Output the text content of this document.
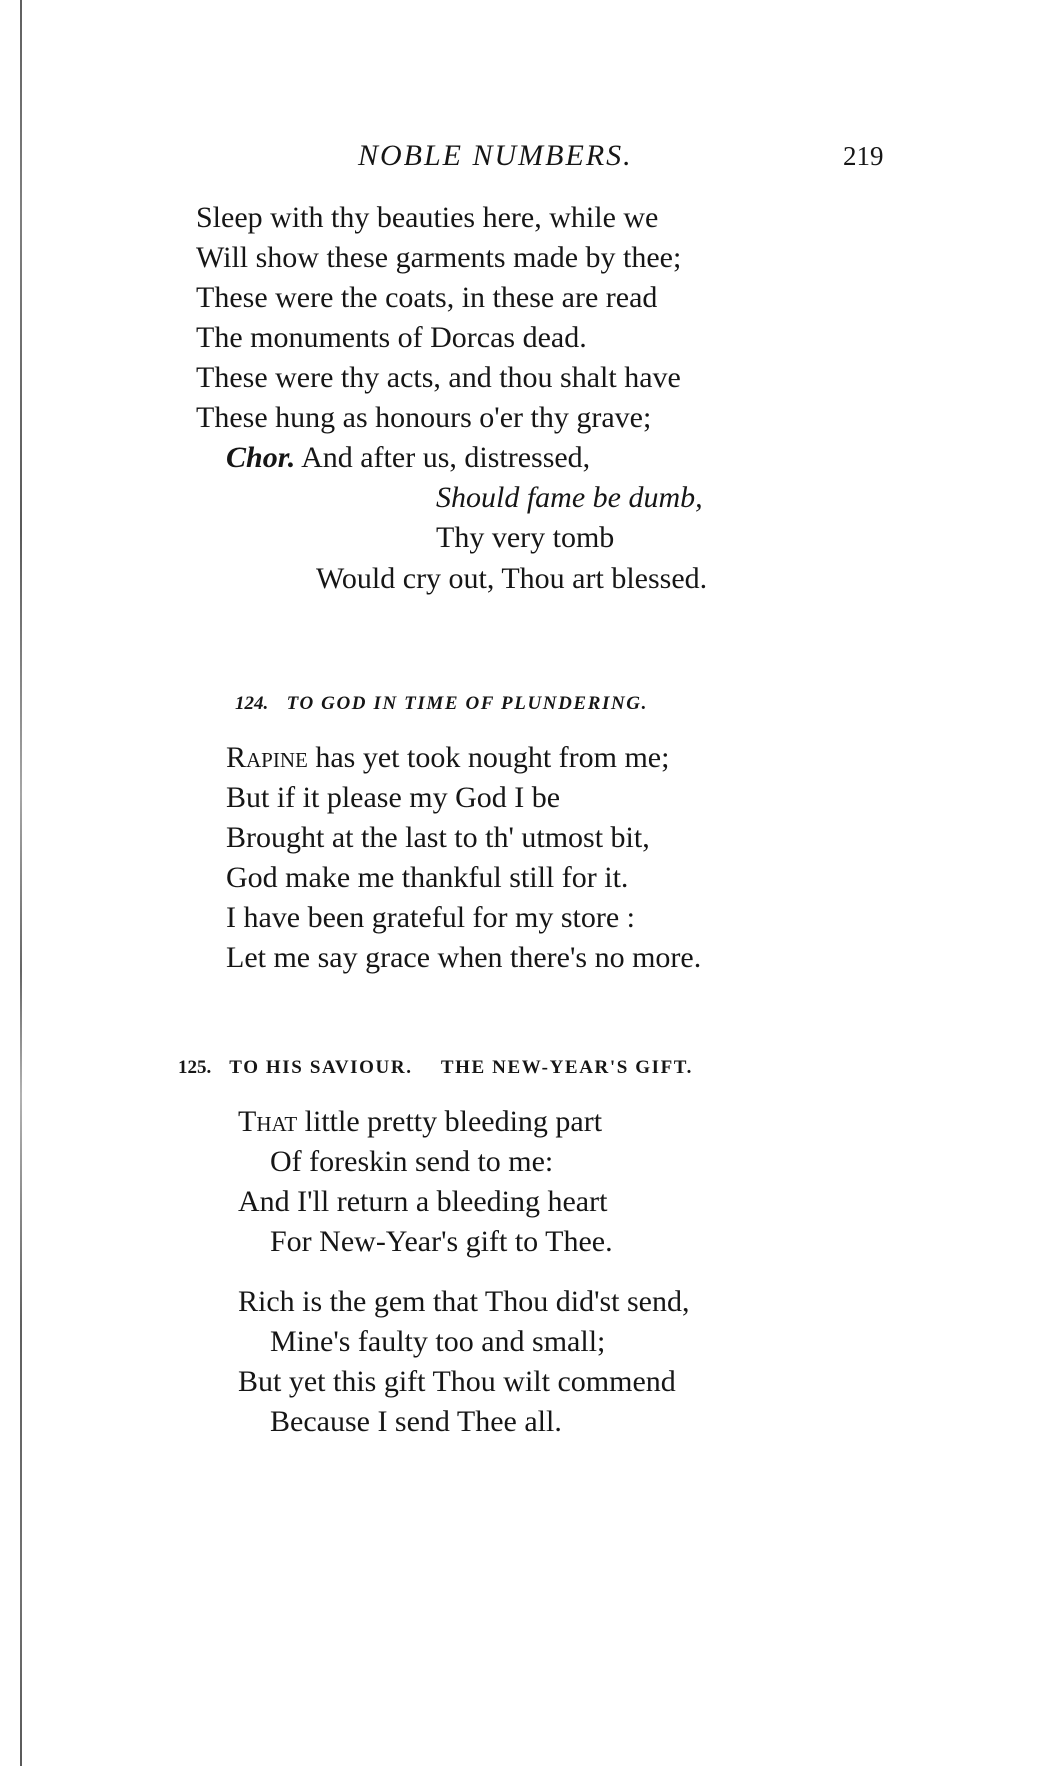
NOBLE NUMBERS.	219
Sleep with thy beauties here, while we
Will show these garments made by thee;
These were the coats, in these are read
The monuments of Dorcas dead.
These were thy acts, and thou shalt have
These hung as honours o'er thy grave;
Chor. And after us, distressed,
Should fame be dumb,
Thy very tomb
Would cry out, Thou art blessed.
124. TO GOD IN TIME OF PLUNDERING.
Rapine has yet took nought from me;
But if it please my God I be
Brought at the last to th' utmost bit,
God make me thankful still for it.
I have been grateful for my store :
Let me say grace when there's no more.
125. TO HIS SAVIOUR. THE NEW-YEAR'S GIFT.
That little pretty bleeding part
Of foreskin send to me:
And I'll return a bleeding heart
For New-Year's gift to Thee.
Rich is the gem that Thou did'st send,
Mine's faulty too and small;
But yet this gift Thou wilt commend
Because I send Thee all.
